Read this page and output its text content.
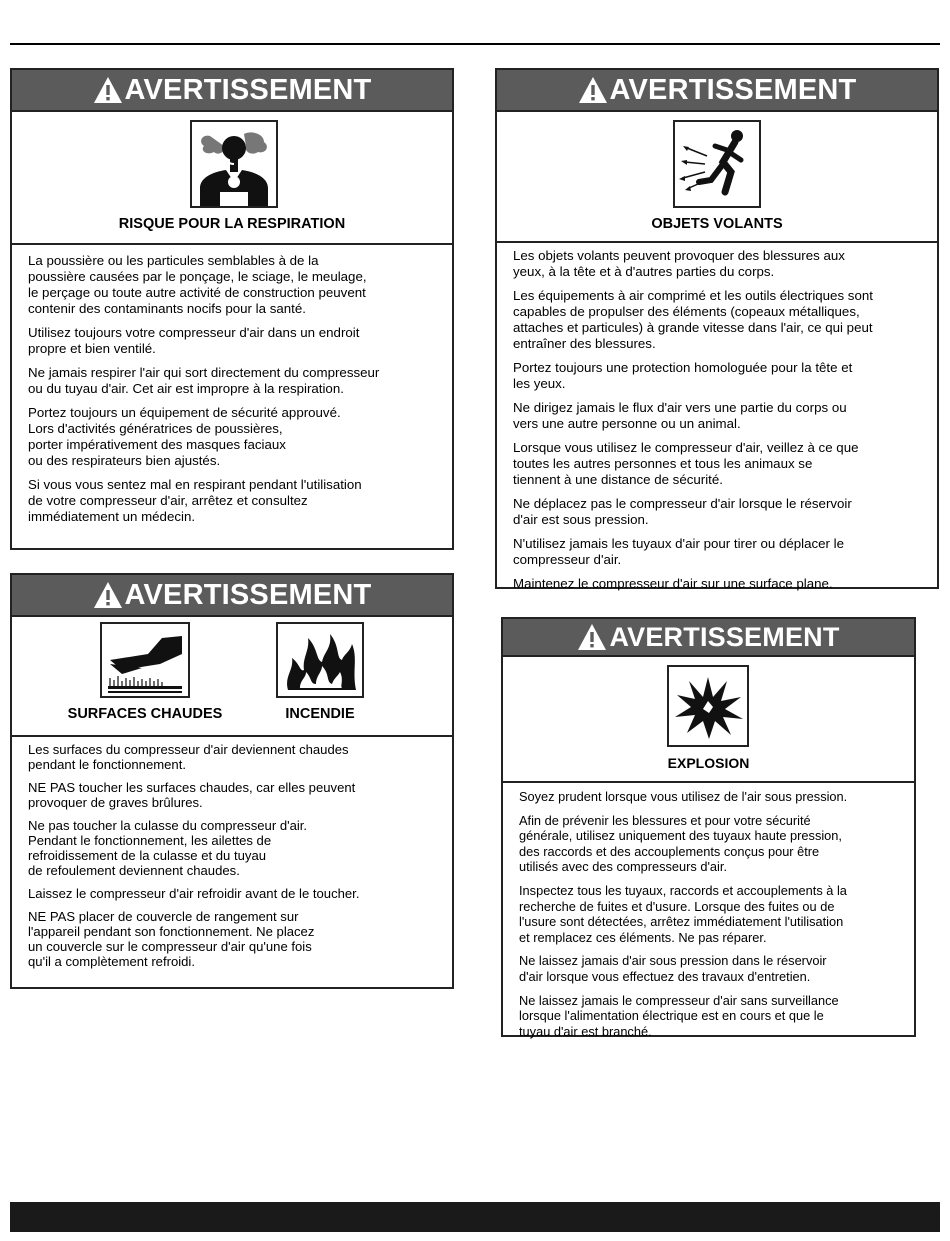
AVERTISSEMENT
RISQUE POUR LA RESPIRATION

La poussière ou les particules semblables à de la
poussière causées par le ponçage, le sciage, le meulage,
le perçage ou toute autre activité de construction peuvent
contenir des contaminants nocifs pour la santé.

Utilisez toujours votre compresseur d'air dans un endroit
propre et bien ventilé.

Ne jamais respirer l'air qui sort directement du compresseur
ou du tuyau d'air. Cet air est impropre à la respiration.

Portez toujours un équipement de sécurité approuvé.
Lors d'activités génératrices de poussières,
porter impérativement des masques faciaux
ou des respirateurs bien ajustés.

Si vous vous sentez mal en respirant pendant l'utilisation
de votre compresseur d'air, arrêtez et consultez
immédiatement un médecin.

AVERTISSEMENT
OBJETS VOLANTS

Les objets volants peuvent provoquer des blessures aux
yeux, à la tête et à d'autres parties du corps.

Les équipements à air comprimé et les outils électriques sont
capables de propulser des éléments (copeaux métalliques,
attaches et particules) à grande vitesse dans l'air, ce qui peut
entraîner des blessures.

Portez toujours une protection homologuée pour la tête et
les yeux.

Ne dirigez jamais le flux d'air vers une partie du corps ou
vers une autre personne ou un animal.

Lorsque vous utilisez le compresseur d'air, veillez à ce que
toutes les autres personnes et tous les animaux se
tiennent à une distance de sécurité.

Ne déplacez pas le compresseur d'air lorsque le réservoir
d'air est sous pression.

N'utilisez jamais les tuyaux d'air pour tirer ou déplacer le
compresseur d'air.

Maintenez le compresseur d'air sur une surface plane.

AVERTISSEMENT
SURFACES CHAUDES	INCENDIE

Les surfaces du compresseur d'air deviennent chaudes
pendant le fonctionnement.

NE PAS toucher les surfaces chaudes, car elles peuvent
provoquer de graves brûlures.

Ne pas toucher la culasse du compresseur d'air.
Pendant le fonctionnement, les ailettes de
refroidissement de la culasse et du tuyau
de refoulement deviennent chaudes.

Laissez le compresseur d'air refroidir avant de le toucher.

NE PAS placer de couvercle de rangement sur
l'appareil pendant son fonctionnement. Ne placez
un couvercle sur le compresseur d'air qu'une fois
qu'il a complètement refroidi.

AVERTISSEMENT
EXPLOSION

Soyez prudent lorsque vous utilisez de l'air sous pression.

Afin de prévenir les blessures et pour votre sécurité
générale, utilisez uniquement des tuyaux haute pression,
des raccords et des accouplements conçus pour être
utilisés avec des compresseurs d'air.

Inspectez tous les tuyaux, raccords et accouplements à la
recherche de fuites et d'usure. Lorsque des fuites ou de
l'usure sont détectées, arrêtez immédiatement l'utilisation
et remplacez ces éléments. Ne pas réparer.

Ne laissez jamais d'air sous pression dans le réservoir
d'air lorsque vous effectuez des travaux d'entretien.

Ne laissez jamais le compresseur d'air sans surveillance
lorsque l'alimentation électrique est en cours et que le
tuyau d'air est branché.
